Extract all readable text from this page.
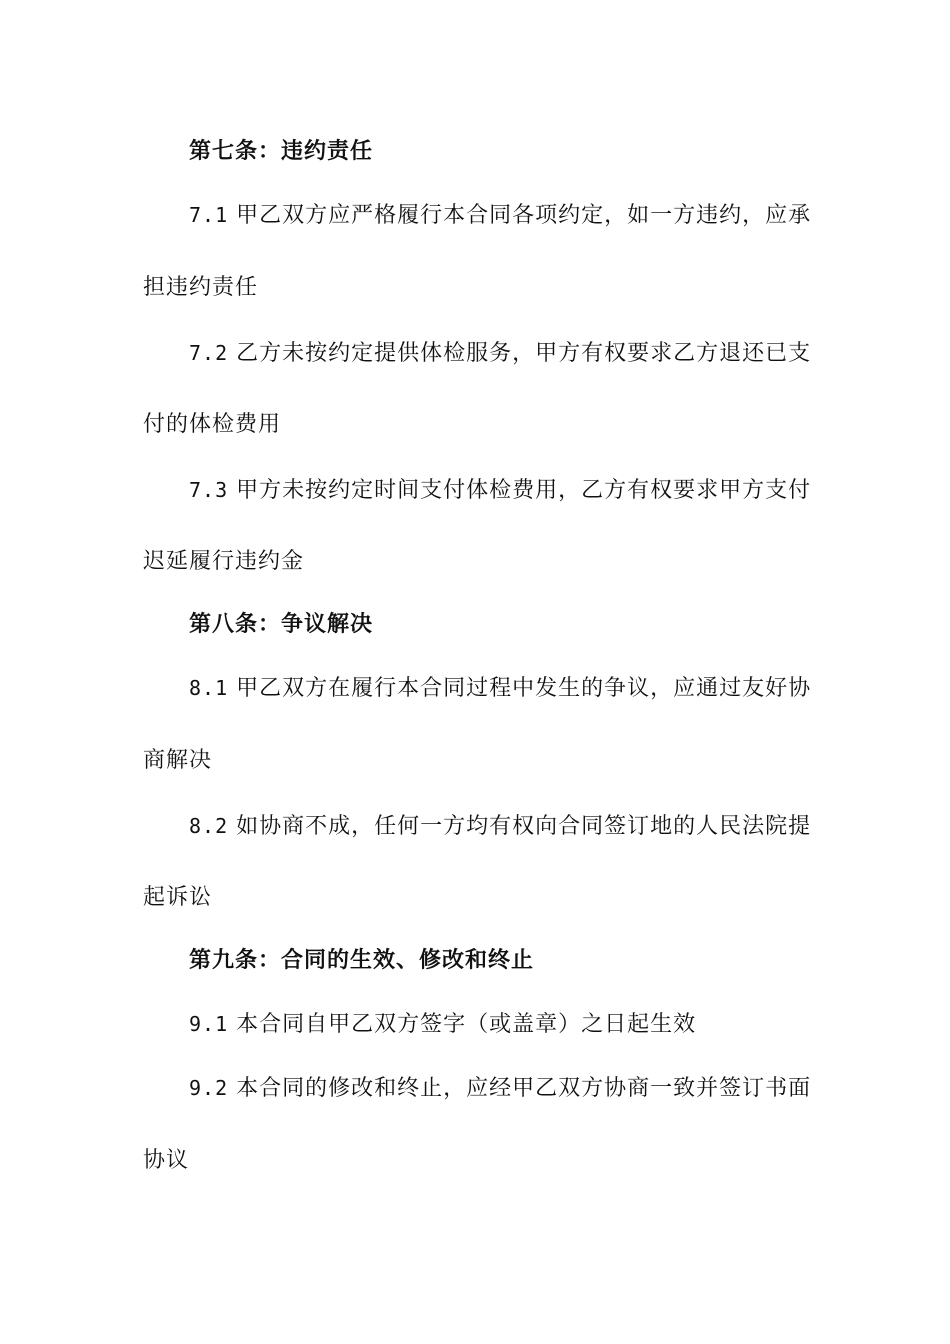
第七条：违约责任
7.1 甲乙双方应严格履行本合同各项约定，如一方违约，应承
担违约责任
7.2 乙方未按约定提供体检服务，甲方有权要求乙方退还已支
付的体检费用
7.3 甲方未按约定时间支付体检费用，乙方有权要求甲方支付
迟延履行违约金
第八条：争议解决
8.1 甲乙双方在履行本合同过程中发生的争议，应通过友好协
商解决
8.2 如协商不成，任何一方均有权向合同签订地的人民法院提
起诉讼
第九条：合同的生效、修改和终止
9.1 本合同自甲乙双方签字（或盖章）之日起生效
9.2 本合同的修改和终止，应经甲乙双方协商一致并签订书面
协议
